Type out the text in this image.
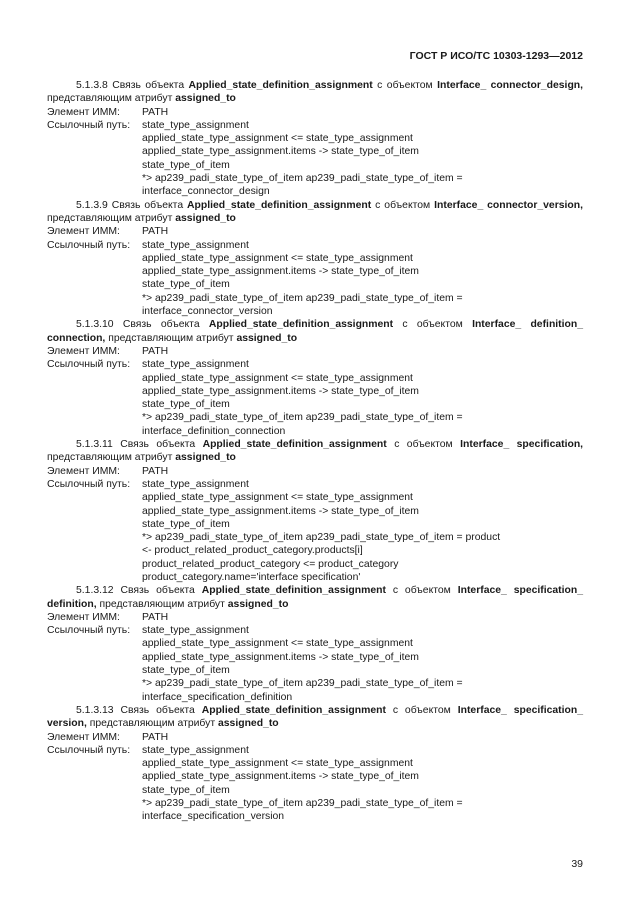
ГОСТ Р ИСО/ТС 10303-1293—2012
5.1.3.8 Связь объекта Applied_state_definition_assignment с объектом Interface_ connector_design,
представляющим атрибут assigned_to
Элемент ИММ: PATH
Ссылочный путь: state_type_assignment
applied_state_type_assignment <= state_type_assignment
applied_state_type_assignment.items -> state_type_of_item
state_type_of_item
*> ap239_padi_state_type_of_item ap239_padi_state_type_of_item =
interface_connector_design
5.1.3.9 Связь объекта Applied_state_definition_assignment с объектом Interface_ connector_version,
представляющим атрибут assigned_to
Элемент ИММ: PATH
Ссылочный путь: state_type_assignment
applied_state_type_assignment <= state_type_assignment
applied_state_type_assignment.items -> state_type_of_item
state_type_of_item
*> ap239_padi_state_type_of_item ap239_padi_state_type_of_item =
interface_connector_version
5.1.3.10 Связь объекта Applied_state_definition_assignment с объектом Interface_ definition_
connection, представляющим атрибут assigned_to
Элемент ИММ: PATH
Ссылочный путь: state_type_assignment
applied_state_type_assignment <= state_type_assignment
applied_state_type_assignment.items -> state_type_of_item
state_type_of_item
*> ap239_padi_state_type_of_item ap239_padi_state_type_of_item =
interface_definition_connection
5.1.3.11 Связь объекта Applied_state_definition_assignment с объектом Interface_ specification,
представляющим атрибут assigned_to
Элемент ИММ: PATH
Ссылочный путь: state_type_assignment
applied_state_type_assignment <= state_type_assignment
applied_state_type_assignment.items -> state_type_of_item
state_type_of_item
*> ap239_padi_state_type_of_item ap239_padi_state_type_of_item = product
<- product_related_product_category.products[i]
product_related_product_category <= product_category
product_category.name='interface specification'
5.1.3.12 Связь объекта Applied_state_definition_assignment с объектом Interface_ specification_
definition, представляющим атрибут assigned_to
Элемент ИММ: PATH
Ссылочный путь: state_type_assignment
applied_state_type_assignment <= state_type_assignment
applied_state_type_assignment.items -> state_type_of_item
state_type_of_item
*> ap239_padi_state_type_of_item ap239_padi_state_type_of_item =
interface_specification_definition
5.1.3.13 Связь объекта Applied_state_definition_assignment с объектом Interface_ specification_
version, представляющим атрибут assigned_to
Элемент ИММ: PATH
Ссылочный путь: state_type_assignment
applied_state_type_assignment <= state_type_assignment
applied_state_type_assignment.items -> state_type_of_item
state_type_of_item
*> ap239_padi_state_type_of_item ap239_padi_state_type_of_item =
interface_specification_version
39
